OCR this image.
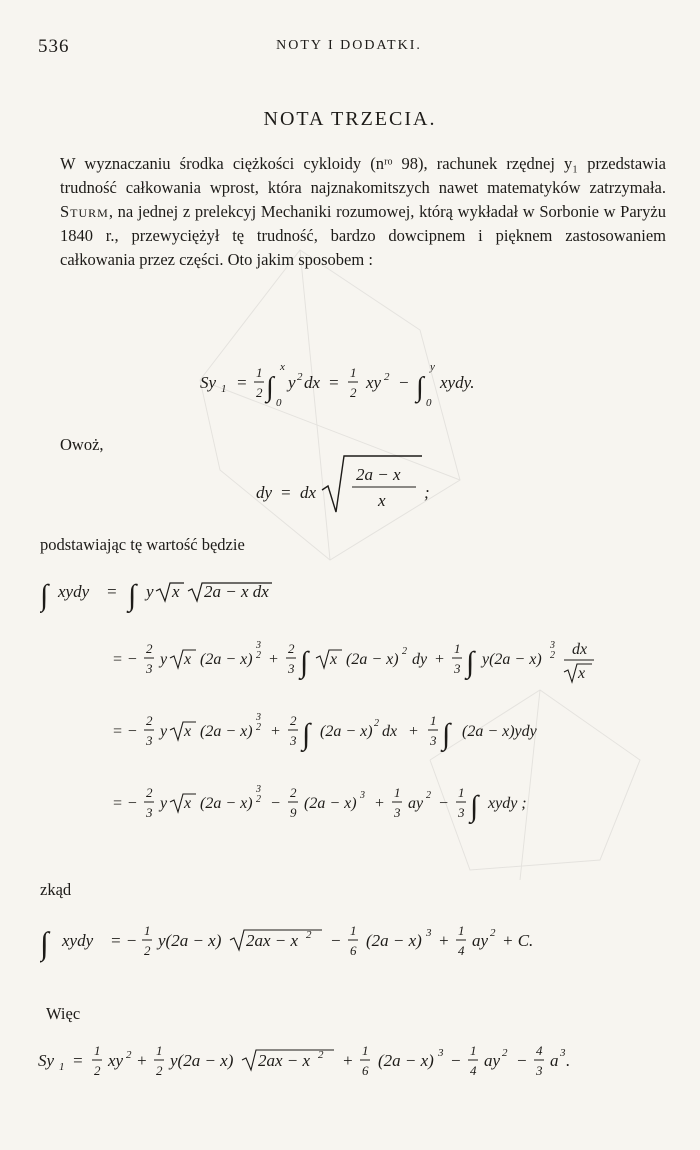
536	NOTY I DODATKI.
NOTA TRZECIA.
W wyznaczaniu środka ciężkości cykloidy (nʳᵒ 98), rachunek rzędnej y₁ przedstawia trudność całkowania wprost, która najznakomitszych nawet matematyków zatrzymała. Sturm, na jednej z prelekcyj Mechaniki rozumowej, którą wykładał w Sorbonie w Paryżu 1840 r., przewyciężył tę trudność, bardzo dowcipnem i pięknem zastosowaniem całkowania przez części. Oto jakim sposobem :
Sy 1 =
1
2 ∫
x
0
y 2 dx =
1
2
xy 2 − ∫
y
0
xydy.
Owoż,
dy = dx
2a − x
x ;
podstawiając tę wartość będzie
∫ xydy = ∫ y x 2a − x dx
= −
2
3
y x (2a − x)
3
2 +
2
3 ∫ x (2a − x) 2 dy +
1
3 ∫ y(2a − x)
3
2 dx
x
= −
2
3
y x (2a − x)
3
2 +
2
3 ∫ (2a − x) 2 dx +
1
3 ∫ (2a − x)ydy
= −
2
3
y x (2a − x)
3
2 −
2
9
(2a − x) 3 +
1
3
ay 2 −
1
3 ∫ xydy ;
zkąd
∫ xydy = −
1
2
y(2a − x) 2ax − x 2 −
1
6
(2a − x) 3 +
1
4
ay 2 + C.
Więc
Sy 1 =
1
2
xy 2 +
1
2
y(2a − x) 2ax − x 2 +
1
6
(2a − x) 3 −
1
4
ay 2 −
4
3
a 3 .
